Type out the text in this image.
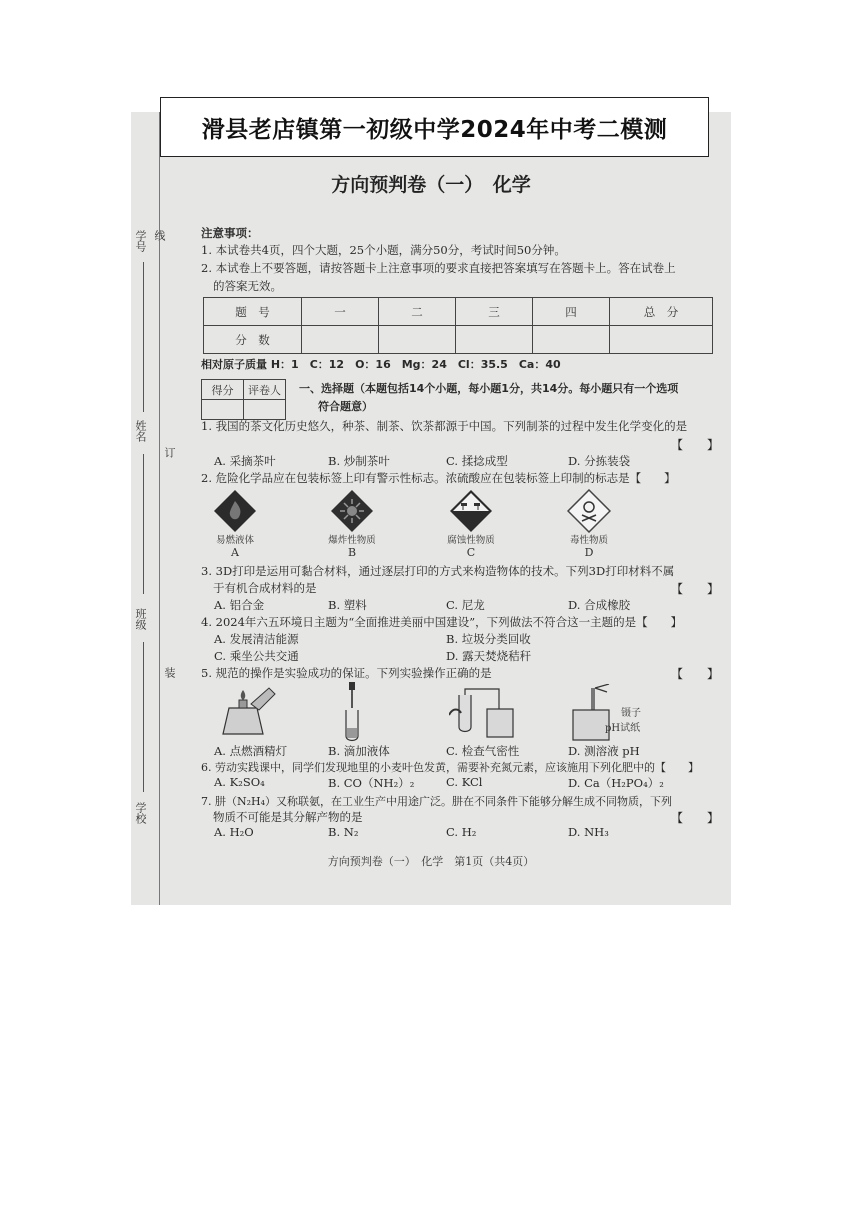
滑县老店镇第一初级中学2024年中考二模测
学号 线
姓名
订
班级
装
学校
方向预判卷（一）　化学
注意事项：
1. 本试卷共4页，四个大题，25个小题，满分50分，考试时间50分钟。
2. 本试卷上不要答题，请按答题卡上注意事项的要求直接把答案填写在答题卡上。答在试卷上
的答案无效。
题　号	一	二	三	四	总　分
分　数					
相对原子质量 H：1　C：12　O：16　Mg：24　Cl：35.5　Ca：40
得分	评卷人
	一、选择题（本题包括14个小题，每小题1分，共14分。每小题只有一个选项
符合题意）
1. 我国的茶文化历史悠久，种茶、制茶、饮茶都源于中国。下列制茶的过程中发生化学变化的是
【　　】
A. 采摘茶叶	B. 炒制茶叶	C. 揉捻成型	D. 分拣装袋
2. 危险化学品应在包装标签上印有警示性标志。浓硫酸应在包装标签上印制的标志是【　　】
易燃液体	爆炸性物质	腐蚀性物质	毒性物质
A	B	C	D
3. 3D打印是运用可黏合材料，通过逐层打印的方式来构造物体的技术。下列3D打印材料不属
于有机合成材料的是	【　　】
A. 铝合金	B. 塑料	C. 尼龙	D. 合成橡胶
4. 2024年六五环境日主题为“全面推进美丽中国建设”，下列做法不符合这一主题的是【　　】
A. 发展清洁能源	B. 垃圾分类回收
C. 乘坐公共交通	D. 露天焚烧秸秆
5. 规范的操作是实验成功的保证。下列实验操作正确的是	【　　】
镊子
pH试纸
A. 点燃酒精灯	B. 滴加液体	C. 检查气密性	D. 测溶液 pH
6. 劳动实践课中，同学们发现地里的小麦叶色发黄，需要补充氮元素，应该施用下列化肥中的【　　】
A. K₂SO₄	B. CO（NH₂）₂	C. KCl	D. Ca（H₂PO₄）₂
7. 肼（N₂H₄）又称联氨，在工业生产中用途广泛。肼在不同条件下能够分解生成不同物质，下列
物质不可能是其分解产物的是	【　　】
A. H₂O	B. N₂	C. H₂	D. NH₃
方向预判卷（一）　化学　第1页（共4页）
